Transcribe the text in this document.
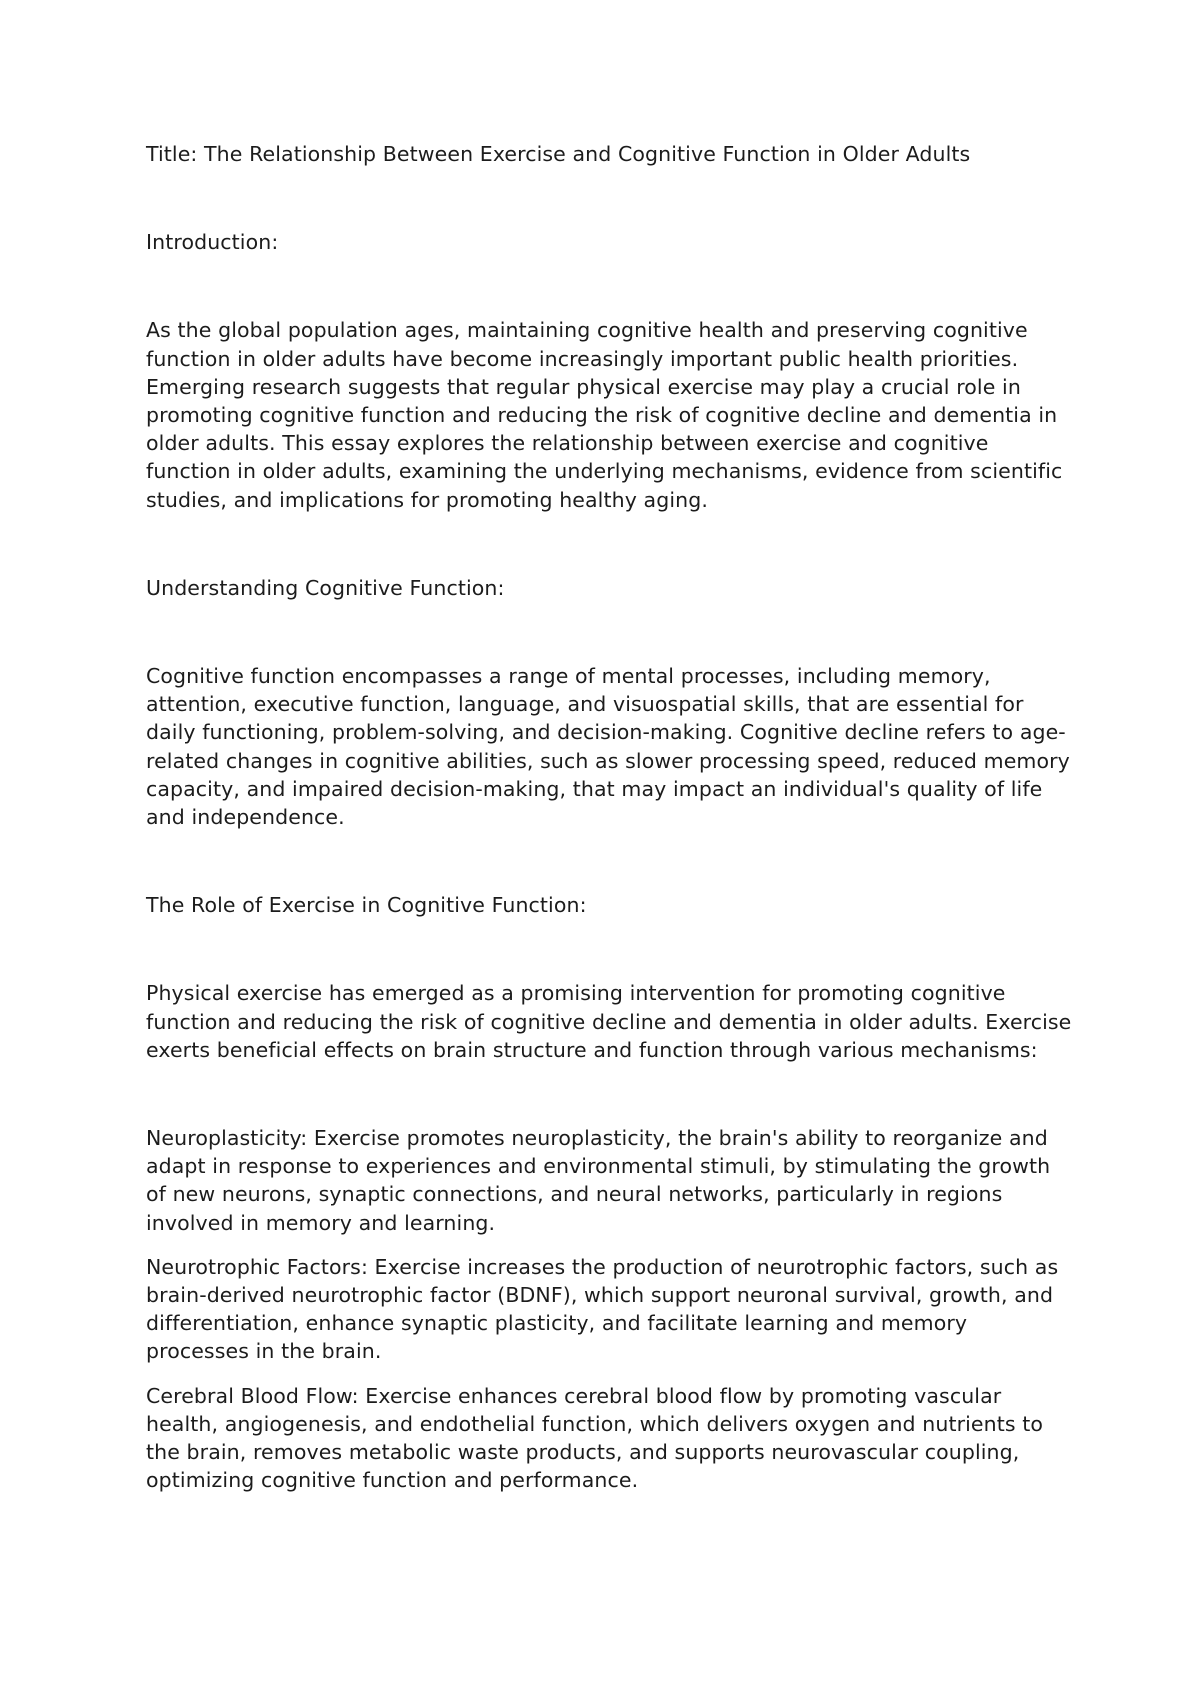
Title: The Relationship Between Exercise and Cognitive Function in Older Adults

Introduction:

As the global population ages, maintaining cognitive health and preserving cognitive function in older adults have become increasingly important public health priorities. Emerging research suggests that regular physical exercise may play a crucial role in promoting cognitive function and reducing the risk of cognitive decline and dementia in older adults. This essay explores the relationship between exercise and cognitive function in older adults, examining the underlying mechanisms, evidence from scientific studies, and implications for promoting healthy aging.

Understanding Cognitive Function:

Cognitive function encompasses a range of mental processes, including memory, attention, executive function, language, and visuospatial skills, that are essential for daily functioning, problem-solving, and decision-making. Cognitive decline refers to age-related changes in cognitive abilities, such as slower processing speed, reduced memory capacity, and impaired decision-making, that may impact an individual's quality of life and independence.

The Role of Exercise in Cognitive Function:

Physical exercise has emerged as a promising intervention for promoting cognitive function and reducing the risk of cognitive decline and dementia in older adults. Exercise exerts beneficial effects on brain structure and function through various mechanisms:

Neuroplasticity: Exercise promotes neuroplasticity, the brain's ability to reorganize and adapt in response to experiences and environmental stimuli, by stimulating the growth of new neurons, synaptic connections, and neural networks, particularly in regions involved in memory and learning.

Neurotrophic Factors: Exercise increases the production of neurotrophic factors, such as brain-derived neurotrophic factor (BDNF), which support neuronal survival, growth, and differentiation, enhance synaptic plasticity, and facilitate learning and memory processes in the brain.

Cerebral Blood Flow: Exercise enhances cerebral blood flow by promoting vascular health, angiogenesis, and endothelial function, which delivers oxygen and nutrients to the brain, removes metabolic waste products, and supports neurovascular coupling, optimizing cognitive function and performance.
